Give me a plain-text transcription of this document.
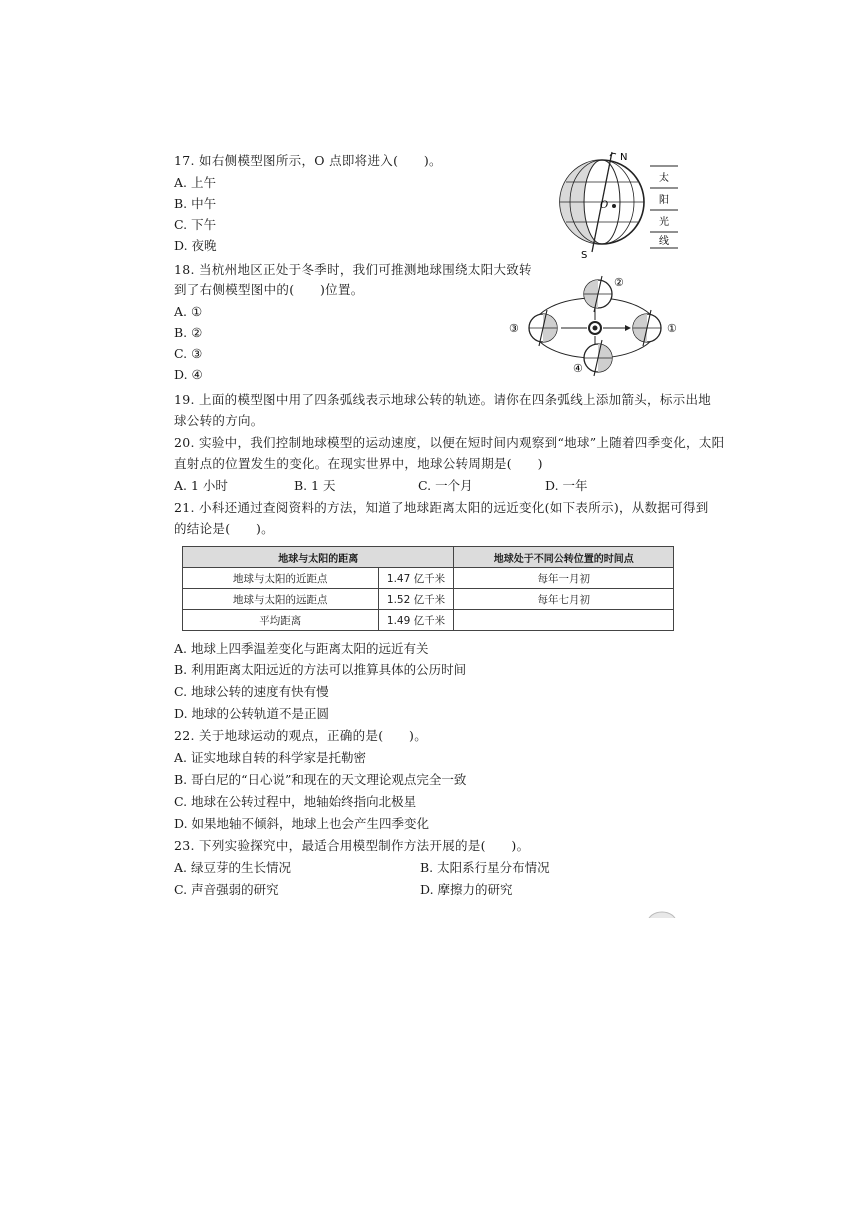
17. 如右侧模型图所示，O 点即将进入(　　)。
A. 上午
B. 中午
C. 下午
D. 夜晚
N
S
O
太
阳
光
线
18. 当杭州地区正处于冬季时，我们可推测地球围绕太阳大致转
到了右侧模型图中的(　　)位置。
A. ①
B. ②
C. ③
D. ④
①
②
③
④
19. 上面的模型图中用了四条弧线表示地球公转的轨迹。请你在四条弧线上添加箭头，标示出地
球公转的方向。
20. 实验中，我们控制地球模型的运动速度，以便在短时间内观察到“地球”上随着四季变化，太阳
直射点的位置发生的变化。在现实世界中，地球公转周期是(　　)
A. 1 小时	B. 1 天	C. 一个月	D. 一年
21. 小科还通过查阅资料的方法，知道了地球距离太阳的远近变化(如下表所示)，从数据可得到
的结论是(　　)。
地球与太阳的距离		地球处于不同公转位置的时间点
地球与太阳的近距点	1.47 亿千米	每年一月初
地球与太阳的远距点	1.52 亿千米	每年七月初
平均距离	1.49 亿千米	
A. 地球上四季温差变化与距离太阳的远近有关
B. 利用距离太阳远近的方法可以推算具体的公历时间
C. 地球公转的速度有快有慢
D. 地球的公转轨道不是正圆
22. 关于地球运动的观点，正确的是(　　)。
A. 证实地球自转的科学家是托勒密
B. 哥白尼的“日心说”和现在的天文理论观点完全一致
C. 地球在公转过程中，地轴始终指向北极星
D. 如果地轴不倾斜，地球上也会产生四季变化
23. 下列实验探究中，最适合用模型制作方法开展的是(　　)。
A. 绿豆芽的生长情况	B. 太阳系行星分布情况
C. 声音强弱的研究	D. 摩擦力的研究
